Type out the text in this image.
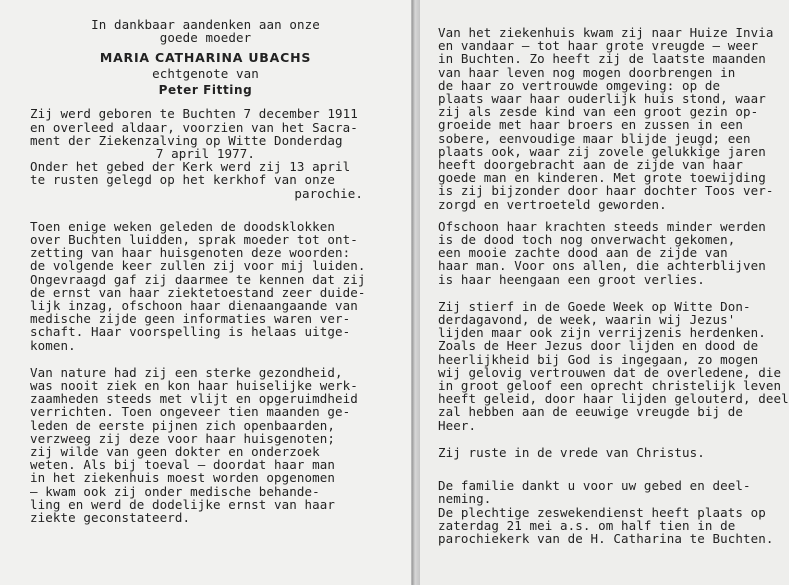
In dankbaar aandenken aan onze
goede moeder
MARIA CATHARINA UBACHS
echtgenote van
Peter Fitting
Zij werd geboren te Buchten 7 december 1911
en overleed aldaar, voorzien van het Sacra-
ment der Ziekenzalving op Witte Donderdag
7 april 1977.
Onder het gebed der Kerk werd zij 13 april
te rusten gelegd op het kerkhof van onze
parochie.
Toen enige weken geleden de doodsklokken
over Buchten luidden, sprak moeder tot ont-
zetting van haar huisgenoten deze woorden:
de volgende keer zullen zij voor mij luiden.
Ongevraagd gaf zij daarmee te kennen dat zij
de ernst van haar ziektetoestand zeer duide-
lijk inzag, ofschoon haar dienaangaande van
medische zijde geen informaties waren ver-
schaft. Haar voorspelling is helaas uitge-
komen.
Van nature had zij een sterke gezondheid,
was nooit ziek en kon haar huiselijke werk-
zaamheden steeds met vlijt en opgeruimdheid
verrichten. Toen ongeveer tien maanden ge-
leden de eerste pijnen zich openbaarden,
verzweeg zij deze voor haar huisgenoten;
zij wilde van geen dokter en onderzoek
weten. Als bij toeval — doordat haar man
in het ziekenhuis moest worden opgenomen
— kwam ook zij onder medische behande-
ling en werd de dodelijke ernst van haar
ziekte geconstateerd.
Van het ziekenhuis kwam zij naar Huize Invia
en vandaar — tot haar grote vreugde — weer
in Buchten. Zo heeft zij de laatste maanden
van haar leven nog mogen doorbrengen in
de haar zo vertrouwde omgeving: op de
plaats waar haar ouderlijk huis stond, waar
zij als zesde kind van een groot gezin op-
groeide met haar broers en zussen in een
sobere, eenvoudige maar blijde jeugd; een
plaats ook, waar zij zovele gelukkige jaren
heeft doorgebracht aan de zijde van haar
goede man en kinderen. Met grote toewijding
is zij bijzonder door haar dochter Toos ver-
zorgd en vertroeteld geworden.
Ofschoon haar krachten steeds minder werden
is de dood toch nog onverwacht gekomen,
een mooie zachte dood aan de zijde van
haar man. Voor ons allen, die achterblijven
is haar heengaan een groot verlies.
Zij stierf in de Goede Week op Witte Don-
derdagavond, de week, waarin wij Jezus'
lijden maar ook zijn verrijzenis herdenken.
Zoals de Heer Jezus door lijden en dood de
heerlijkheid bij God is ingegaan, zo mogen
wij gelovig vertrouwen dat de overledene, die
in groot geloof een oprecht christelijk leven
heeft geleid, door haar lijden gelouterd, deel
zal hebben aan de eeuwige vreugde bij de
Heer.
Zij ruste in de vrede van Christus.
De familie dankt u voor uw gebed en deel-
neming.
De plechtige zeswekendienst heeft plaats op
zaterdag 21 mei a.s. om half tien in de
parochiekerk van de H. Catharina te Buchten.
